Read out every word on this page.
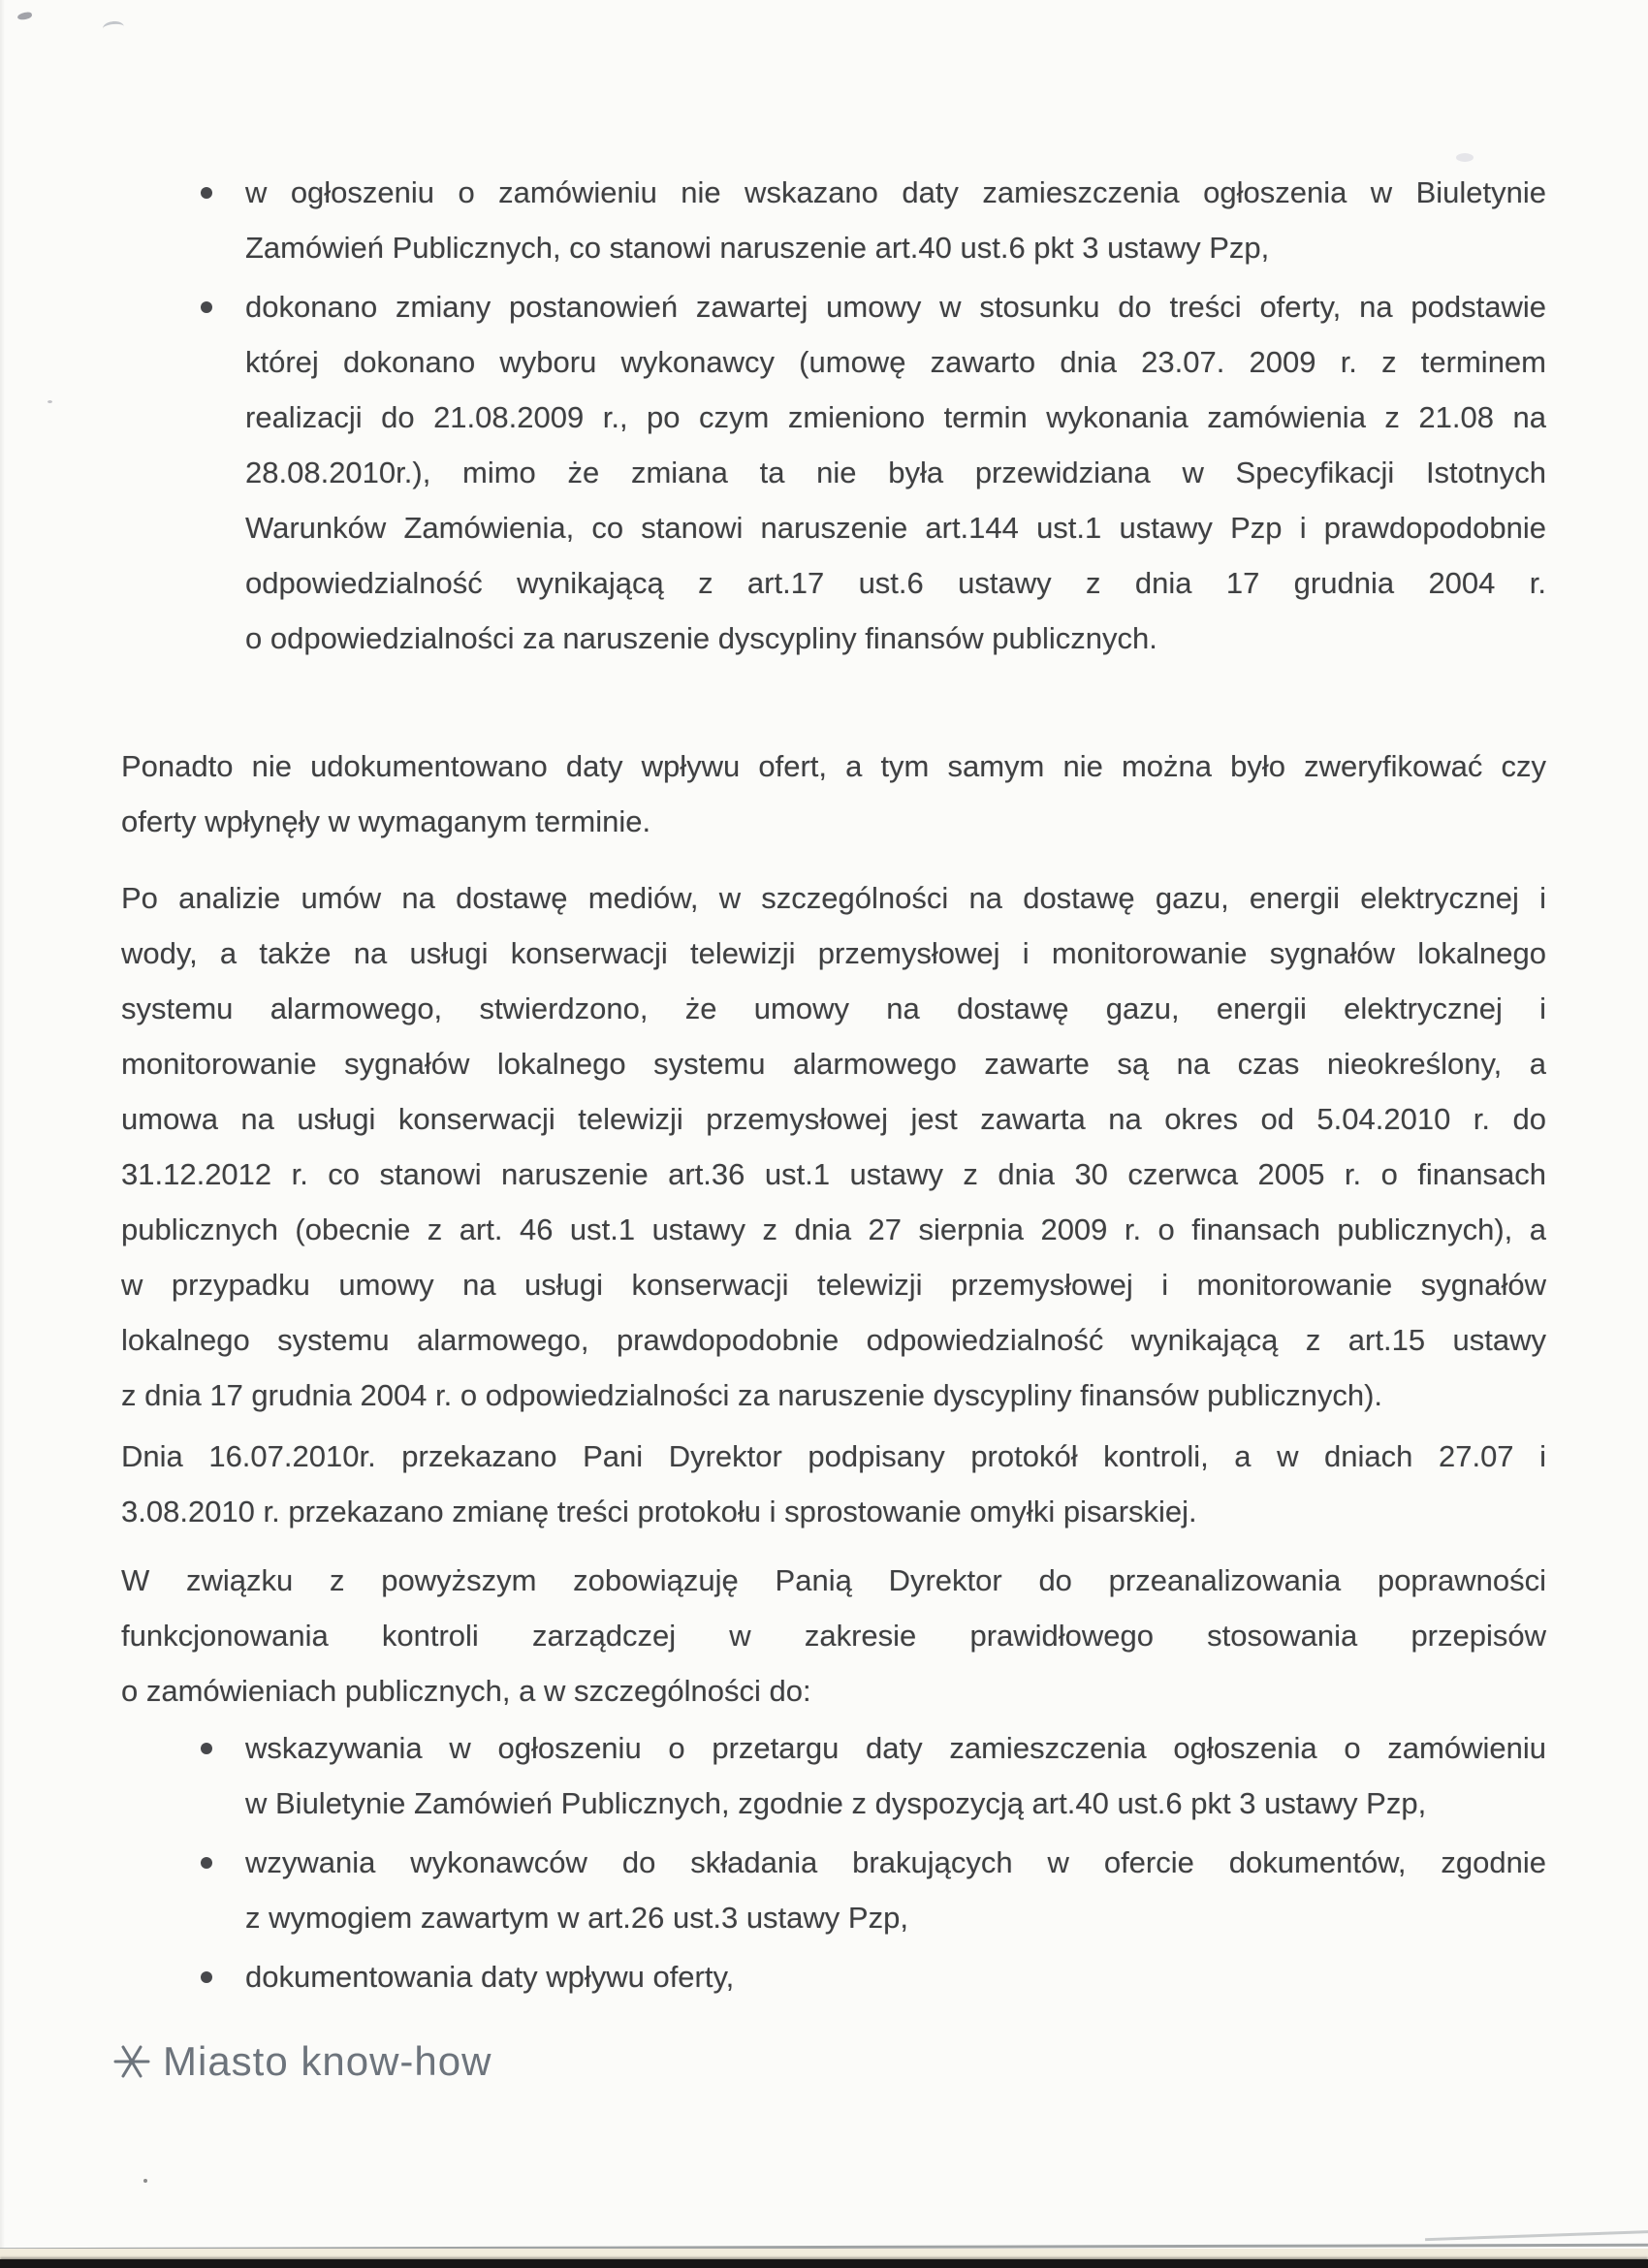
w ogłoszeniu o zamówieniu nie wskazano daty zamieszczenia ogłoszenia w Biuletynie
Zamówień Publicznych, co stanowi naruszenie art.40 ust.6 pkt 3 ustawy Pzp,
dokonano zmiany postanowień zawartej umowy w stosunku do treści oferty, na podstawie
której dokonano wyboru wykonawcy (umowę zawarto dnia 23.07. 2009 r. z terminem
realizacji do 21.08.2009 r., po czym zmieniono termin wykonania zamówienia z 21.08 na
28.08.2010r.), mimo że zmiana ta nie była przewidziana w Specyfikacji Istotnych
Warunków Zamówienia, co stanowi naruszenie art.144 ust.1 ustawy Pzp i prawdopodobnie
odpowiedzialność wynikającą z art.17 ust.6 ustawy z dnia 17 grudnia 2004 r.
o odpowiedzialności za naruszenie dyscypliny finansów publicznych.
Ponadto nie udokumentowano daty wpływu ofert, a tym samym nie można było zweryfikować czy
oferty wpłynęły w wymaganym terminie.
Po analizie umów na dostawę mediów, w szczególności na dostawę gazu, energii elektrycznej i
wody, a także na usługi konserwacji telewizji przemysłowej i monitorowanie sygnałów lokalnego
systemu alarmowego, stwierdzono, że umowy na dostawę gazu, energii elektrycznej i
monitorowanie sygnałów lokalnego systemu alarmowego zawarte są na czas nieokreślony, a
umowa na usługi konserwacji telewizji przemysłowej jest zawarta na okres od 5.04.2010 r. do
31.12.2012 r. co stanowi naruszenie art.36 ust.1 ustawy z dnia 30 czerwca 2005 r. o finansach
publicznych (obecnie z art. 46 ust.1 ustawy z dnia 27 sierpnia 2009 r. o finansach publicznych), a
w przypadku umowy na usługi konserwacji telewizji przemysłowej i monitorowanie sygnałów
lokalnego systemu alarmowego, prawdopodobnie odpowiedzialność wynikającą z art.15 ustawy
z dnia 17 grudnia 2004 r. o odpowiedzialności za naruszenie dyscypliny finansów publicznych).
Dnia 16.07.2010r. przekazano Pani Dyrektor podpisany protokół kontroli, a w dniach 27.07 i
3.08.2010 r. przekazano zmianę treści protokołu i sprostowanie omyłki pisarskiej.
W związku z powyższym zobowiązuję Panią Dyrektor do przeanalizowania poprawności
funkcjonowania kontroli zarządczej w zakresie prawidłowego stosowania przepisów
o zamówieniach publicznych, a w szczególności do:
wskazywania w ogłoszeniu o przetargu daty zamieszczenia ogłoszenia o zamówieniu
w Biuletynie Zamówień Publicznych, zgodnie z dyspozycją art.40 ust.6 pkt 3 ustawy Pzp,
wzywania wykonawców do składania brakujących w ofercie dokumentów, zgodnie
z wymogiem zawartym w art.26 ust.3 ustawy Pzp,
dokumentowania daty wpływu oferty,
Miasto know-how
